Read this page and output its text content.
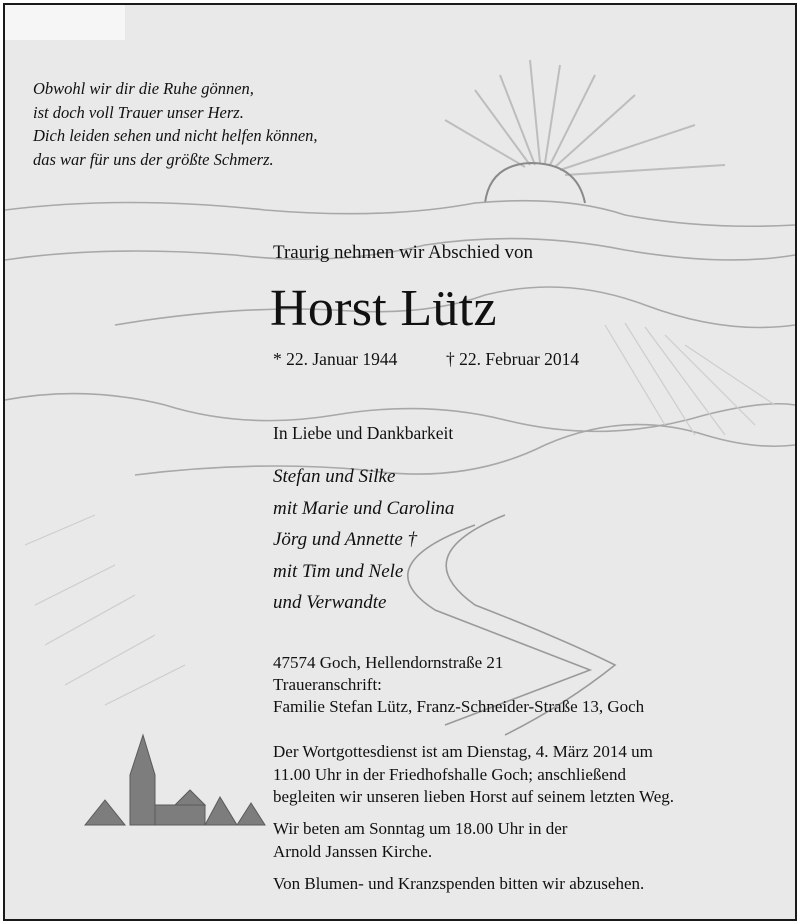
Obwohl wir dir die Ruhe gönnen,
ist doch voll Trauer unser Herz.
Dich leiden sehen und nicht helfen können,
das war für uns der größte Schmerz.
Traurig nehmen wir Abschied von
Horst Lütz
* 22. Januar 1944	† 22. Februar 2014
In Liebe und Dankbarkeit
Stefan und Silke
mit Marie und Carolina
Jörg und Annette †
mit Tim und Nele
und Verwandte
47574 Goch, Hellendornstraße 21
Traueranschrift:
Familie Stefan Lütz, Franz-Schneider-Straße 13, Goch
Der Wortgottesdienst ist am Dienstag, 4. März 2014 um
11.00 Uhr in der Friedhofshalle Goch; anschließend
begleiten wir unseren lieben Horst auf seinem letzten Weg.
Wir beten am Sonntag um 18.00 Uhr in der
Arnold Janssen Kirche.
Von Blumen- und Kranzspenden bitten wir abzusehen.
